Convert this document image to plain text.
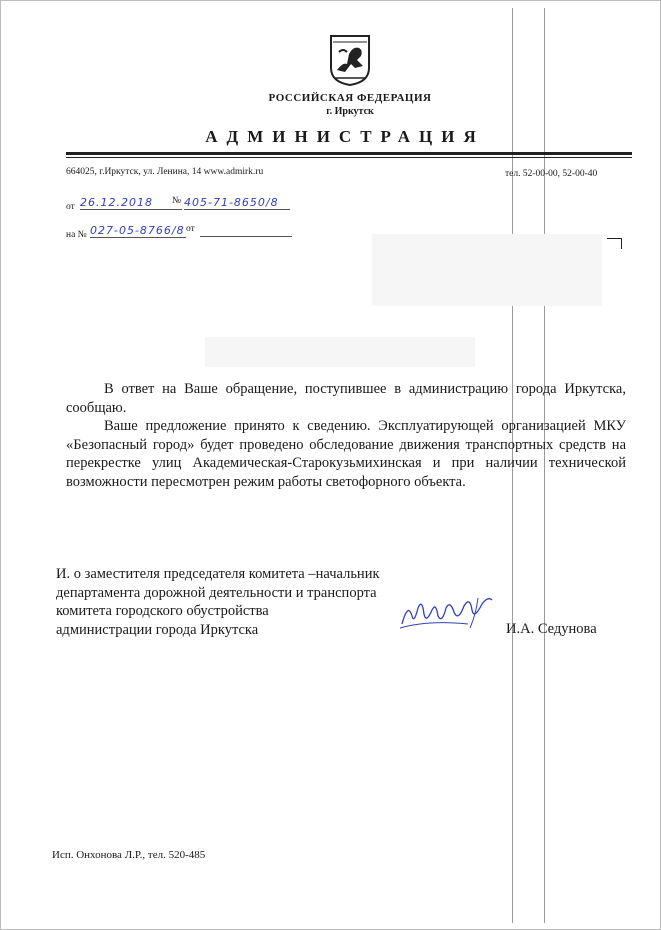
РОССИЙСКАЯ ФЕДЕРАЦИЯ
г. Иркутск
АДМИНИСТРАЦИЯ
664025, г.Иркутск, ул. Ленина, 14 www.admirk.ru	тел. 52-00-00, 52-00-40
от 26.12.2018	№ 405-71-8650/8
на № 027-05-8766/8 от

В ответ на Ваше обращение, поступившее в администрацию города Иркутска, сообщаю.

Ваше предложение принято к сведению. Эксплуатирующей организацией МКУ «Безопасный город» будет проведено обследование движения транспортных средств на перекрестке улиц Академическая-Старокузьмихинская и при наличии технической возможности пересмотрен режим работы светофорного объекта.

И. о заместителя председателя комитета –начальник
департамента дорожной деятельности и транспорта
комитета городского обустройства
администрации города Иркутска	И.А. Седунова
Исп. Онхонова Л.Р., тел. 520-485
